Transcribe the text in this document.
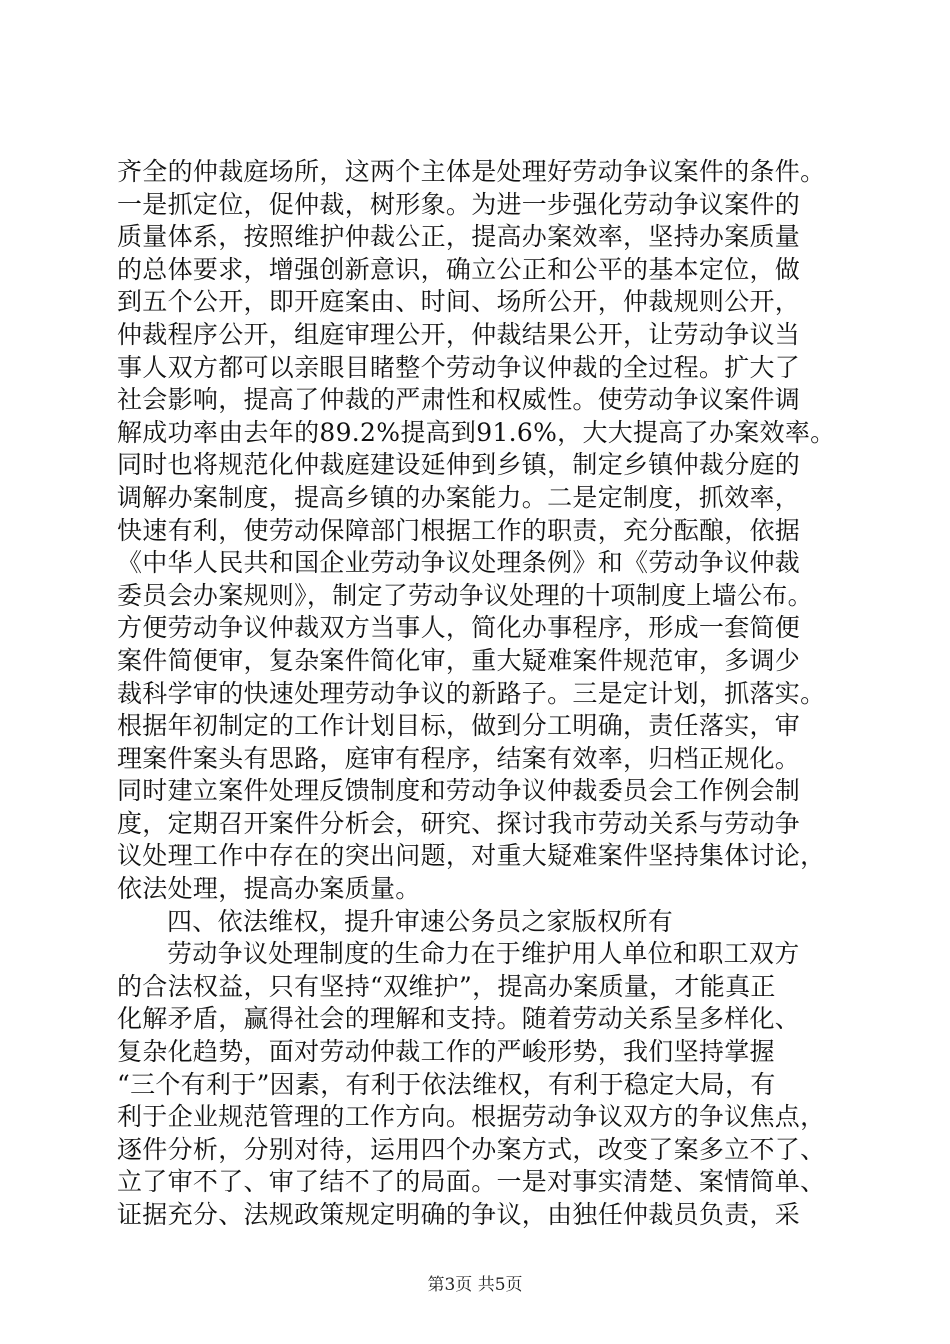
齐全的仲裁庭场所，这两个主体是处理好劳动争议案件的条件。
一是抓定位，促仲裁，树形象。为进一步强化劳动争议案件的
质量体系，按照维护仲裁公正，提高办案效率，坚持办案质量
的总体要求，增强创新意识，确立公正和公平的基本定位，做
到五个公开，即开庭案由、时间、场所公开，仲裁规则公开，
仲裁程序公开，组庭审理公开，仲裁结果公开，让劳动争议当
事人双方都可以亲眼目睹整个劳动争议仲裁的全过程。扩大了
社会影响，提高了仲裁的严肃性和权威性。使劳动争议案件调
解成功率由去年的89.2%提高到91.6%，大大提高了办案效率。
同时也将规范化仲裁庭建设延伸到乡镇，制定乡镇仲裁分庭的
调解办案制度，提高乡镇的办案能力。二是定制度，抓效率，
快速有利，使劳动保障部门根据工作的职责，充分酝酿，依据
《中华人民共和国企业劳动争议处理条例》和《劳动争议仲裁
委员会办案规则》，制定了劳动争议处理的十项制度上墙公布。
方便劳动争议仲裁双方当事人，简化办事程序，形成一套简便
案件简便审，复杂案件简化审，重大疑难案件规范审，多调少
裁科学审的快速处理劳动争议的新路子。三是定计划，抓落实。
根据年初制定的工作计划目标，做到分工明确，责任落实，审
理案件案头有思路，庭审有程序，结案有效率，归档正规化。
同时建立案件处理反馈制度和劳动争议仲裁委员会工作例会制
度，定期召开案件分析会，研究、探讨我市劳动关系与劳动争
议处理工作中存在的突出问题，对重大疑难案件坚持集体讨论，
依法处理，提高办案质量。
四、依法维权，提升审速公务员之家版权所有
劳动争议处理制度的生命力在于维护用人单位和职工双方
的合法权益，只有坚持“双维护”，提高办案质量，才能真正
化解矛盾，赢得社会的理解和支持。随着劳动关系呈多样化、
复杂化趋势，面对劳动仲裁工作的严峻形势，我们坚持掌握
“三个有利于”因素，有利于依法维权，有利于稳定大局，有
利于企业规范管理的工作方向。根据劳动争议双方的争议焦点，
逐件分析，分别对待，运用四个办案方式，改变了案多立不了、
立了审不了、审了结不了的局面。一是对事实清楚、案情简单、
证据充分、法规政策规定明确的争议，由独任仲裁员负责，采
第3页 共5页
